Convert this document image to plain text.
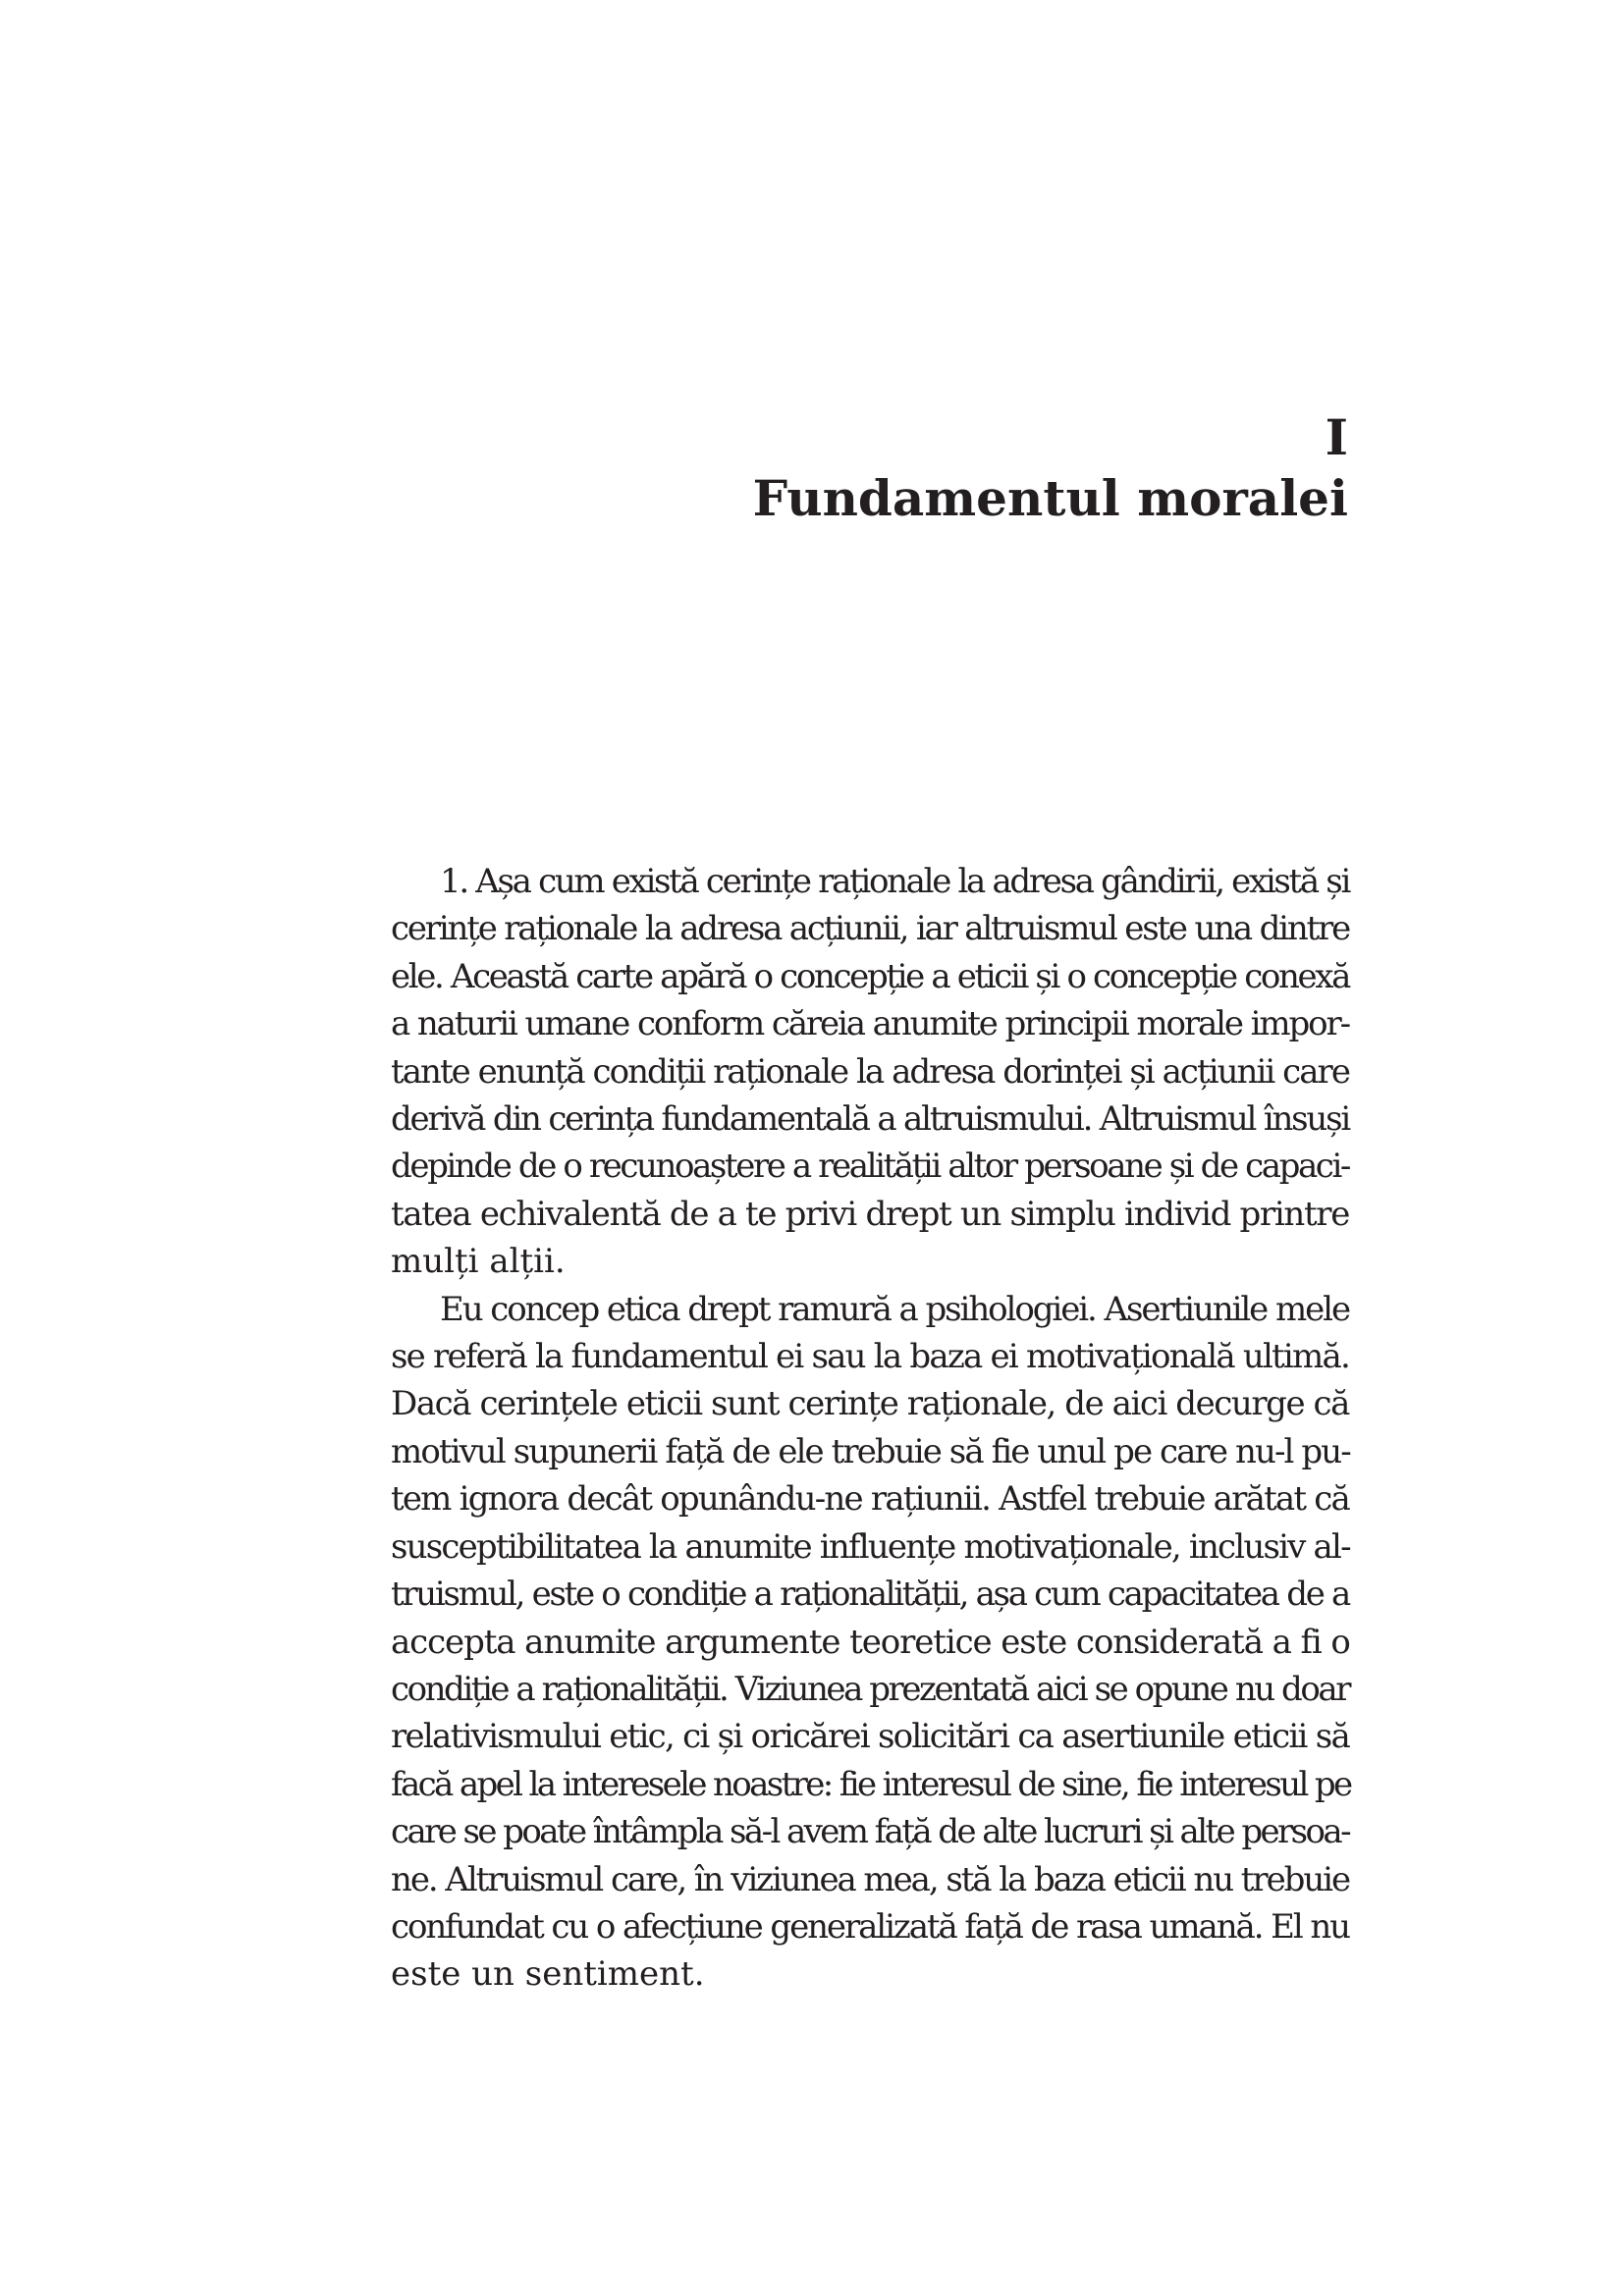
I
Fundamentul moralei
1. Așa cum există cerințe raționale la adresa gândirii, există și
cerințe raționale la adresa acțiunii, iar altruismul este una dintre
ele. Această carte apără o concepție a eticii și o concepție conexă
a naturii umane conform căreia anumite principii morale impor-
tante enunță condiții raționale la adresa dorinței și acțiunii care
derivă din cerința fundamentală a altruismului. Altruismul însuși
depinde de o recunoaștere a realității altor persoane și de capaci-
tatea echivalentă de a te privi drept un simplu individ printre
mulți alții.
Eu concep etica drept ramură a psihologiei. Asertiunile mele
se referă la fundamentul ei sau la baza ei motivațională ultimă.
Dacă cerințele eticii sunt cerințe raționale, de aici decurge că
motivul supunerii față de ele trebuie să fie unul pe care nu-l pu-
tem ignora decât opunându-ne rațiunii. Astfel trebuie arătat că
susceptibilitatea la anumite influențe motivaționale, inclusiv al-
truismul, este o condiție a raționalității, așa cum capacitatea de a
accepta anumite argumente teoretice este considerată a fi o
condiție a raționalității. Viziunea prezentată aici se opune nu doar
relativismului etic, ci și oricărei solicitări ca asertiunile eticii să
facă apel la interesele noastre: fie interesul de sine, fie interesul pe
care se poate întâmpla să-l avem față de alte lucruri și alte persoa-
ne. Altruismul care, în viziunea mea, stă la baza eticii nu trebuie
confundat cu o afecțiune generalizată față de rasa umană. El nu
este un sentiment.
